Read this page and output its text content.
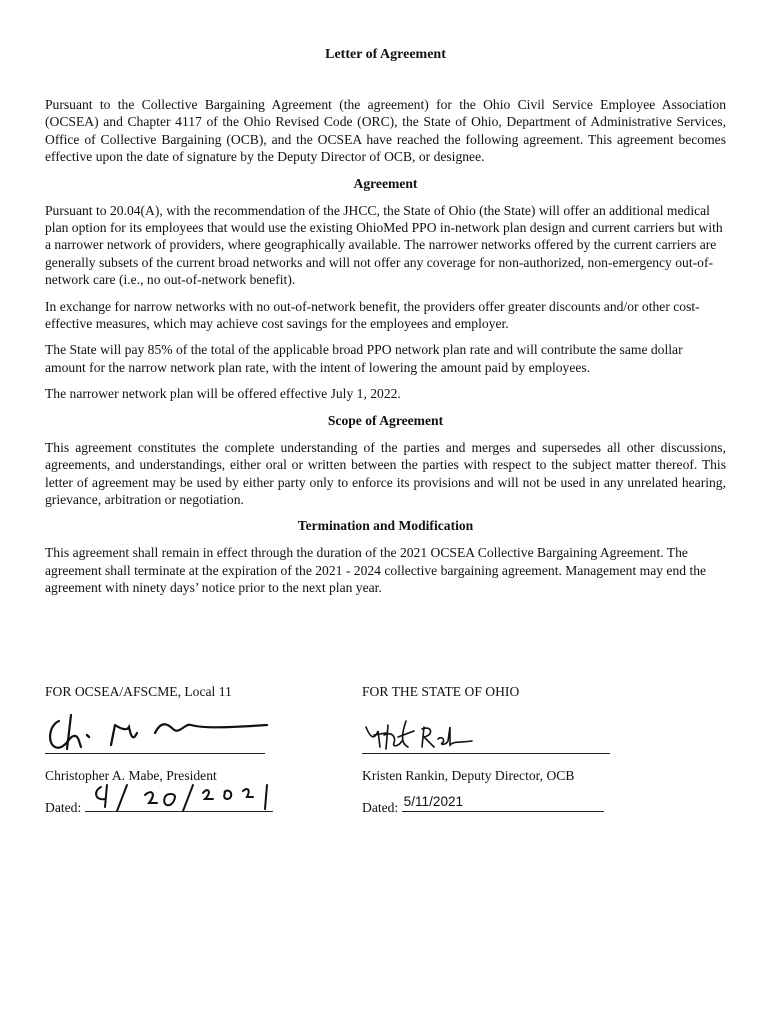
Letter of Agreement

Pursuant to the Collective Bargaining Agreement (the agreement) for the Ohio Civil Service Employee Association (OCSEA) and Chapter 4117 of the Ohio Revised Code (ORC), the State of Ohio, Department of Administrative Services, Office of Collective Bargaining (OCB), and the OCSEA have reached the following agreement. This agreement becomes effective upon the date of signature by the Deputy Director of OCB, or designee.

Agreement

Pursuant to 20.04(A), with the recommendation of the JHCC, the State of Ohio (the State) will offer an additional medical plan option for its employees that would use the existing OhioMed PPO in-network plan design and current carriers but with a narrower network of providers, where geographically available. The narrower networks offered by the current carriers are generally subsets of the current broad networks and will not offer any coverage for non-authorized, non-emergency out-of-network care (i.e., no out-of-network benefit).

In exchange for narrow networks with no out-of-network benefit, the providers offer greater discounts and/or other cost-effective measures, which may achieve cost savings for the employees and employer.

The State will pay 85% of the total of the applicable broad PPO network plan rate and will contribute the same dollar amount for the narrow network plan rate, with the intent of lowering the amount paid by employees.

The narrower network plan will be offered effective July 1, 2022.

Scope of Agreement

This agreement constitutes the complete understanding of the parties and merges and supersedes all other discussions, agreements, and understandings, either oral or written between the parties with respect to the subject matter thereof. This letter of agreement may be used by either party only to enforce its provisions and will not be used in any unrelated hearing, grievance, arbitration or negotiation.

Termination and Modification

This agreement shall remain in effect through the duration of the 2021 OCSEA Collective Bargaining Agreement. The agreement shall terminate at the expiration of the 2021 - 2024 collective bargaining agreement. Management may end the agreement with ninety days’ notice prior to the next plan year.

FOR OCSEA/AFSCME, Local 11
Christopher A. Mabe, President
Dated:
FOR THE STATE OF OHIO
Kristen Rankin, Deputy Director, OCB
Dated: 5/11/2021
